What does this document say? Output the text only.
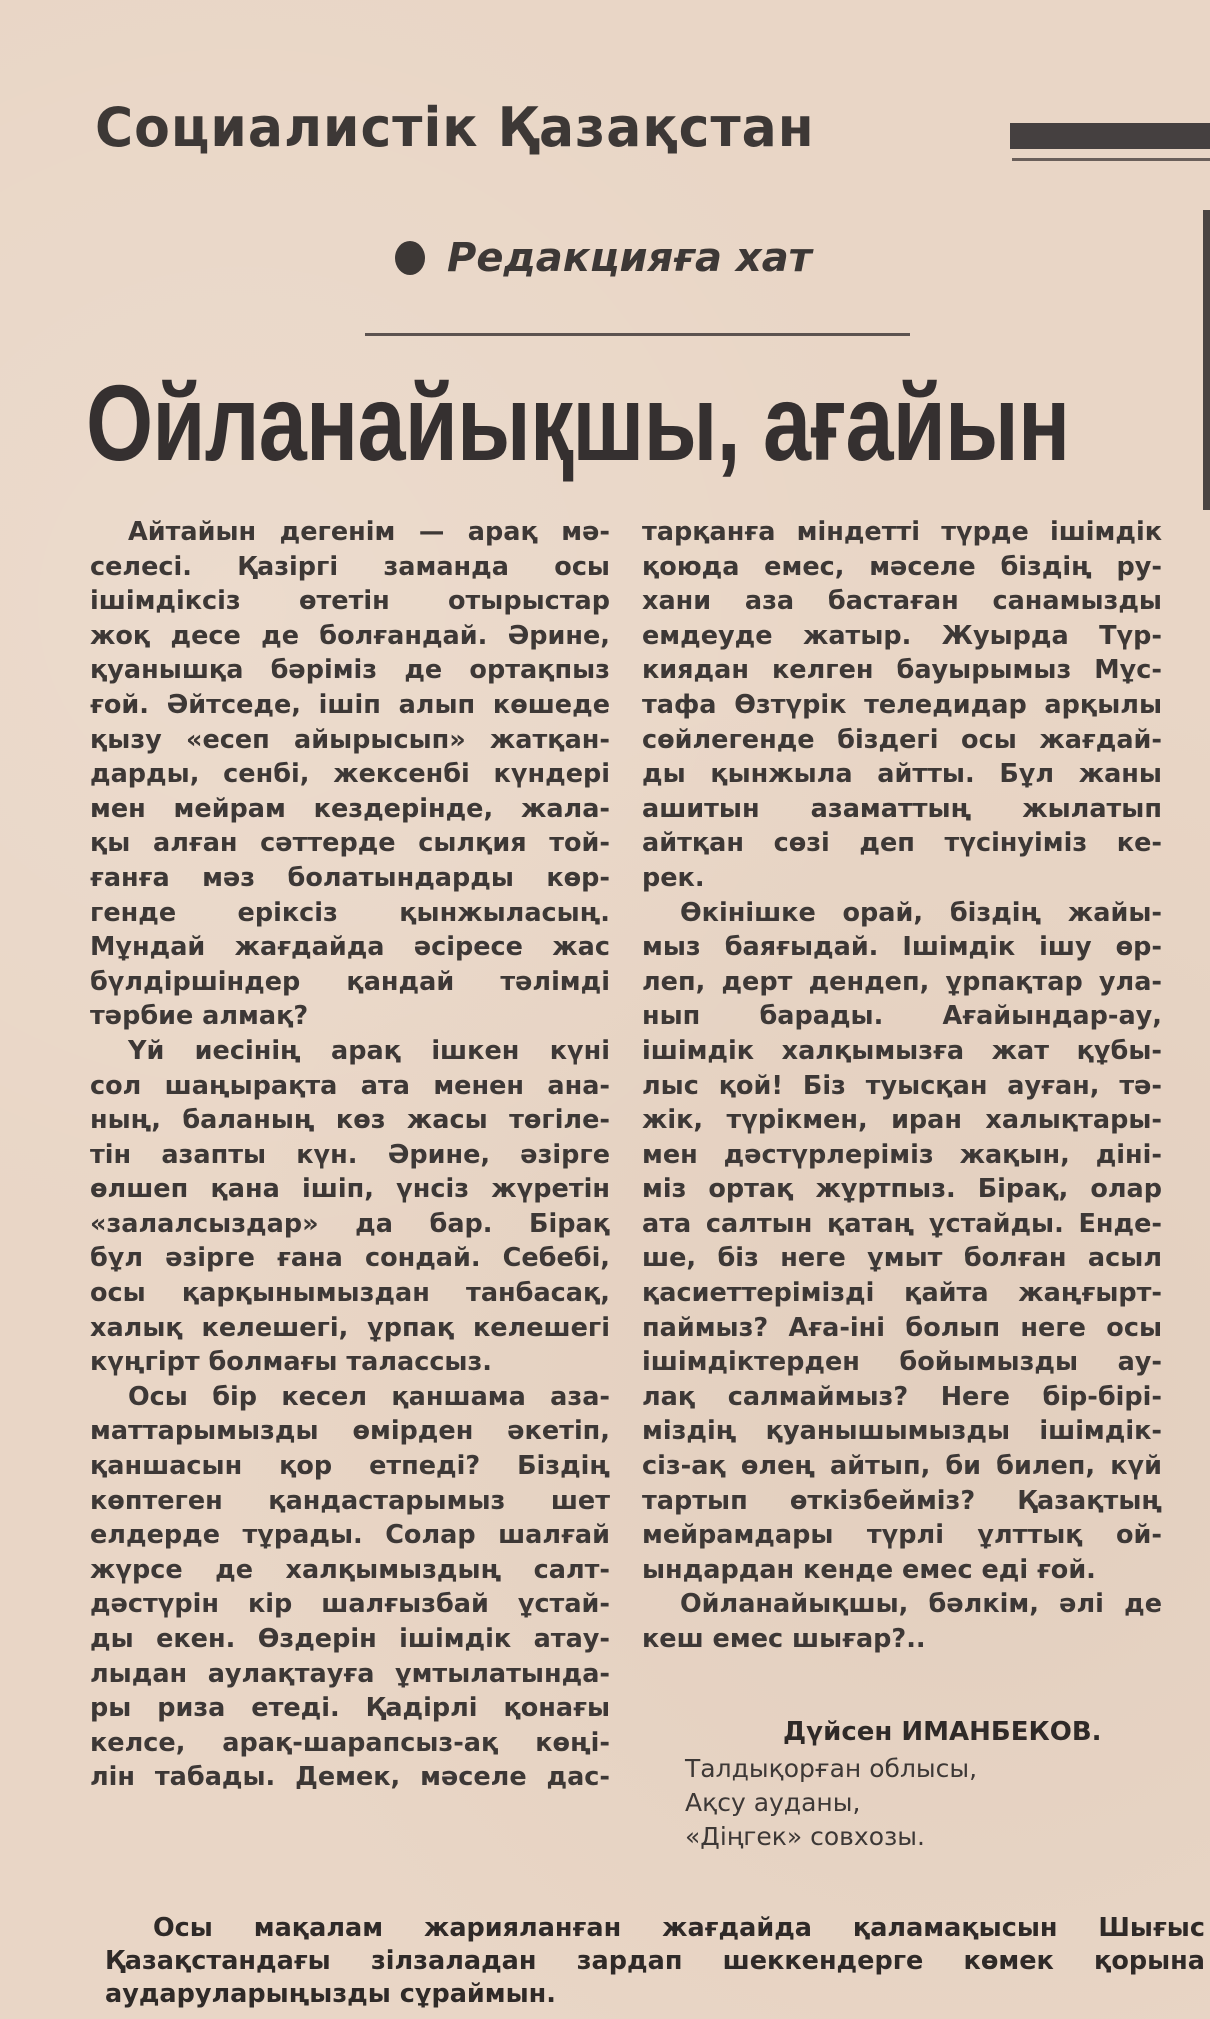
Социалистік Қазақстан
Редакцияға хат
Ойланайықшы, ағайын
Айтайын дегенім — арақ мә-
селесі. Қазіргі заманда осы
ішімдіксіз өтетін отырыстар
жоқ десе де болғандай. Әрине,
қуанышқа бәріміз де ортақпыз
ғой. Әйтседе, ішіп алып көшеде
қызу «есеп айырысып» жатқан-
дарды, сенбі, жексенбі күндері
мен мейрам кездерінде, жала-
қы алған сәттерде сылқия той-
ғанға мәз болатындарды көр-
генде еріксіз қынжыласың.
Мұндай жағдайда әсіресе жас
бүлдіршіндер қандай тәлімді
тәрбие алмақ?
Үй иесінің арақ ішкен күні
сол шаңырақта ата менен ана-
ның, баланың көз жасы төгіле-
тін азапты күн. Әрине, әзірге
өлшеп қана ішіп, үнсіз жүретін
«залалсыздар» да бар. Бірақ
бұл әзірге ғана сондай. Себебі,
осы қарқынымыздан танбасақ,
халық келешегі, ұрпақ келешегі
күңгірт болмағы талассыз.
Осы бір кесел қаншама аза-
маттарымызды өмірден әкетіп,
қаншасын қор етпеді? Біздің
көптеген қандастарымыз шет
елдерде тұрады. Солар шалғай
жүрсе де халқымыздың салт-
дәстүрін кір шалғызбай ұстай-
ды екен. Өздерін ішімдік атау-
лыдан аулақтауға ұмтылатында-
ры риза етеді. Қадірлі қонағы
келсе, арақ-шарапсыз-ақ көңі-
лін табады. Демек, мәселе дас-
тарқанға міндетті түрде ішімдік
қоюда емес, мәселе біздің ру-
хани аза бастаған санамызды
емдеуде жатыр. Жуырда Түр-
киядан келген бауырымыз Мұс-
тафа Өзтүрік теледидар арқылы
сөйлегенде біздегі осы жағдай-
ды қынжыла айтты. Бұл жаны
ашитын азаматтың жылатып
айтқан сөзі деп түсінуіміз ке-
рек.
Өкінішке орай, біздің жайы-
мыз баяғыдай. Ішімдік ішу өр-
леп, дерт дендеп, ұрпақтар ула-
нып барады. Ағайындар-ау,
ішімдік халқымызға жат құбы-
лыс қой! Біз туысқан ауған, тә-
жік, түрікмен, иран халықтары-
мен дәстүрлеріміз жақын, діні-
міз ортақ жұртпыз. Бірақ, олар
ата салтын қатаң ұстайды. Енде-
ше, біз неге ұмыт болған асыл
қасиеттерімізді қайта жаңғырт-
паймыз? Аға-іні болып неге осы
ішімдіктерден бойымызды ау-
лақ салмаймыз? Неге бір-бірі-
міздің қуанышымызды ішімдік-
сіз-ақ өлең айтып, би билеп, күй
тартып өткізбейміз? Қазақтың
мейрамдары түрлі ұлттық ой-
ындардан кенде емес еді ғой.
Ойланайықшы, бәлкім, әлі де
кеш емес шығар?..
Дүйсен ИМАНБЕКОВ.
Талдықорған облысы,
Ақсу ауданы,
«Діңгек» совхозы.
Осы мақалам жарияланған жағдайда қаламақысын Шығыс
Қазақстандағы зілзаладан зардап шеккендерге көмек қорына
аударуларыңызды сұраймын.
